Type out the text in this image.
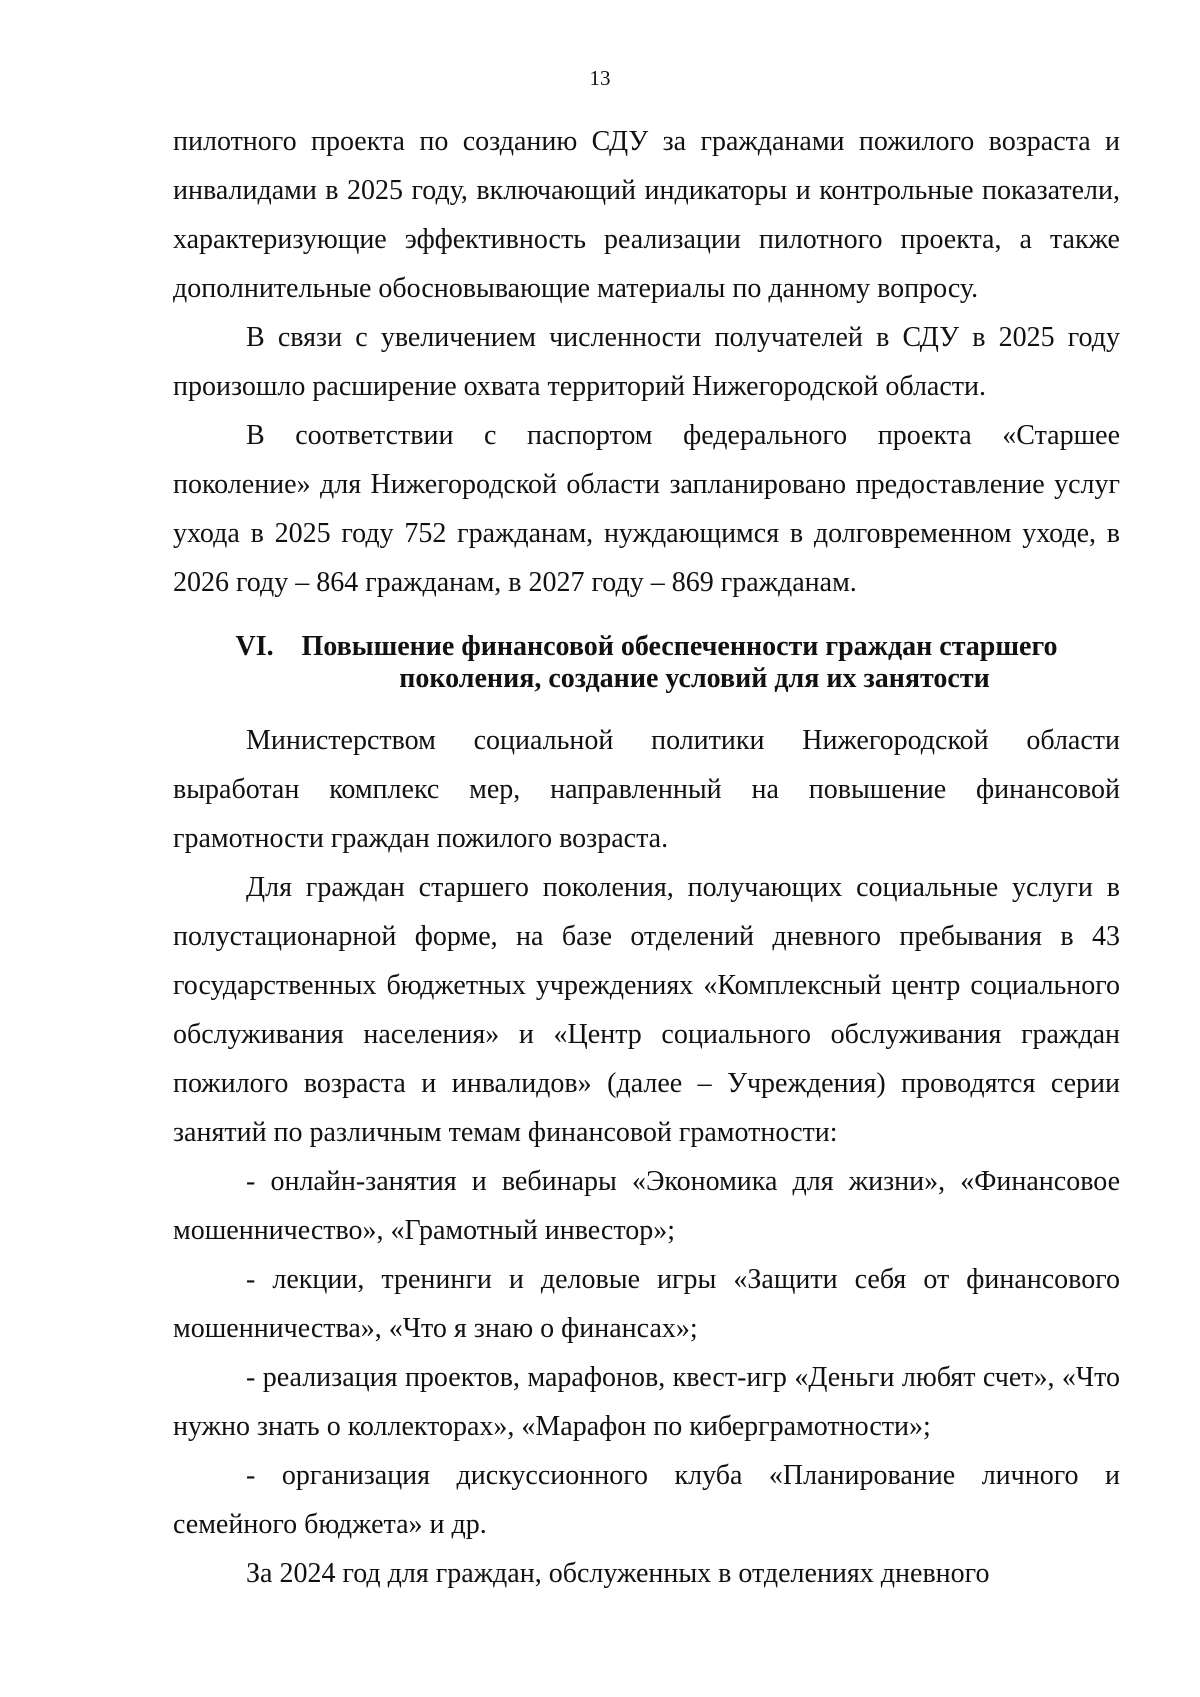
13

пилотного проекта по созданию СДУ за гражданами пожилого возраста и инвалидами в 2025 году, включающий индикаторы и контрольные показатели, характеризующие эффективность реализации пилотного проекта, а также дополнительные обосновывающие материалы по данному вопросу.

В связи с увеличением численности получателей в СДУ в 2025 году произошло расширение охвата территорий Нижегородской области.

В соответствии с паспортом федерального проекта «Старшее поколение» для Нижегородской области запланировано предоставление услуг ухода в 2025 году 752 гражданам, нуждающимся в долговременном уходе, в 2026 году – 864 гражданам, в 2027 году – 869 гражданам.

VI. Повышение финансовой обеспеченности граждан старшего
поколения, создание условий для их занятости

Министерством социальной политики Нижегородской области выработан комплекс мер, направленный на повышение финансовой грамотности граждан пожилого возраста.

Для граждан старшего поколения, получающих социальные услуги в полустационарной форме, на базе отделений дневного пребывания в 43 государственных бюджетных учреждениях «Комплексный центр социального обслуживания населения» и «Центр социального обслуживания граждан пожилого возраста и инвалидов» (далее – Учреждения) проводятся серии занятий по различным темам финансовой грамотности:

- онлайн-занятия и вебинары «Экономика для жизни», «Финансовое мошенничество», «Грамотный инвестор»;

- лекции, тренинги и деловые игры «Защити себя от финансового мошенничества», «Что я знаю о финансах»;

- реализация проектов, марафонов, квест-игр «Деньги любят счет», «Что нужно знать о коллекторах», «Марафон по киберграмотности»;

- организация дискуссионного клуба «Планирование личного и семейного бюджета» и др.

За 2024 год для граждан, обслуженных в отделениях дневного
